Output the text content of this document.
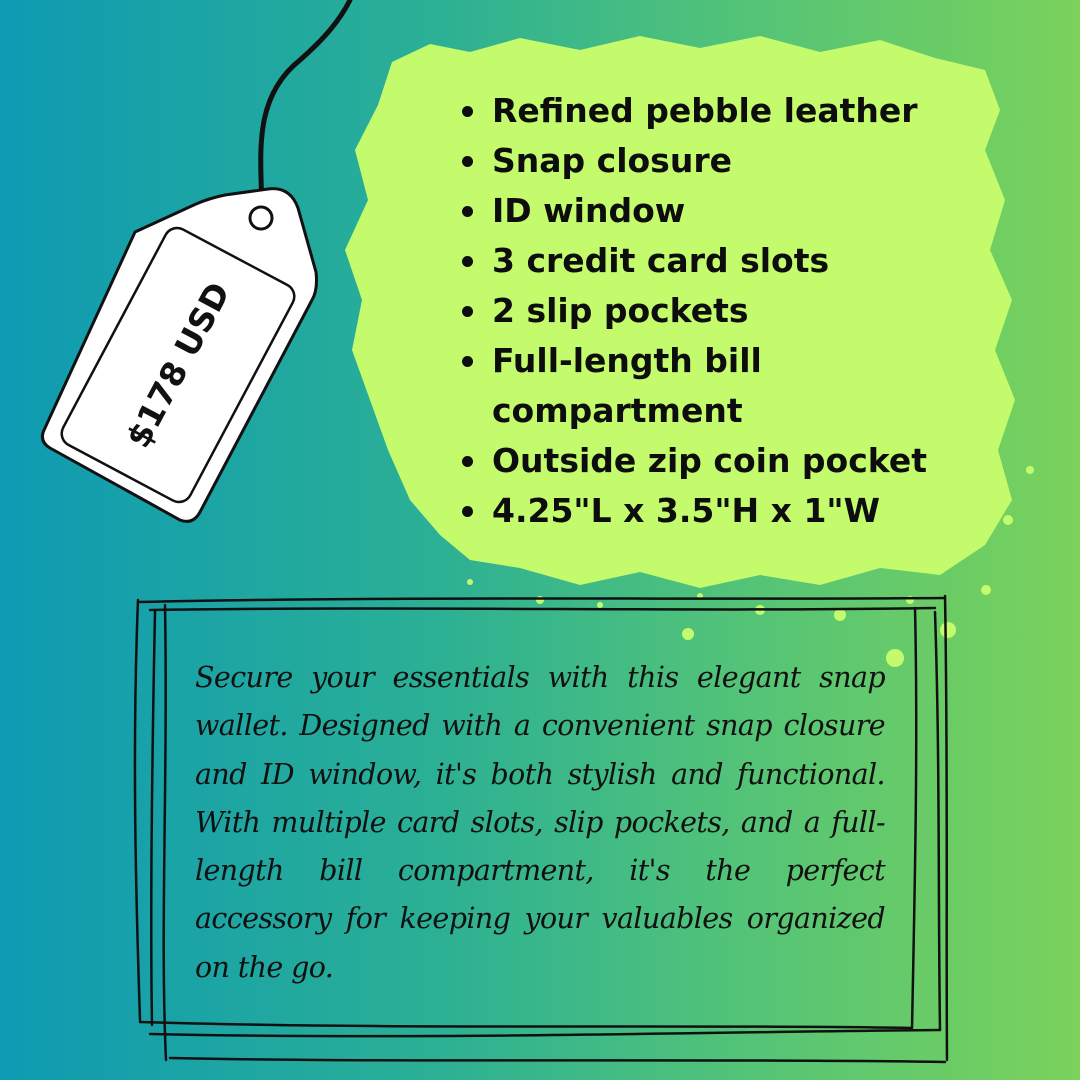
$178 USD
Refined pebble leather
Snap closure
ID window
3 credit card slots
2 slip pockets
Full-length bill compartment
Outside zip coin pocket
4.25"L x 3.5"H x 1"W

Secure your essentials with this elegant snap wallet. Designed with a convenient snap closure and ID window, it's both stylish and functional. With multiple card slots, slip pockets, and a full-length bill compartment, it's the perfect accessory for keeping your valuables organized on the go.
